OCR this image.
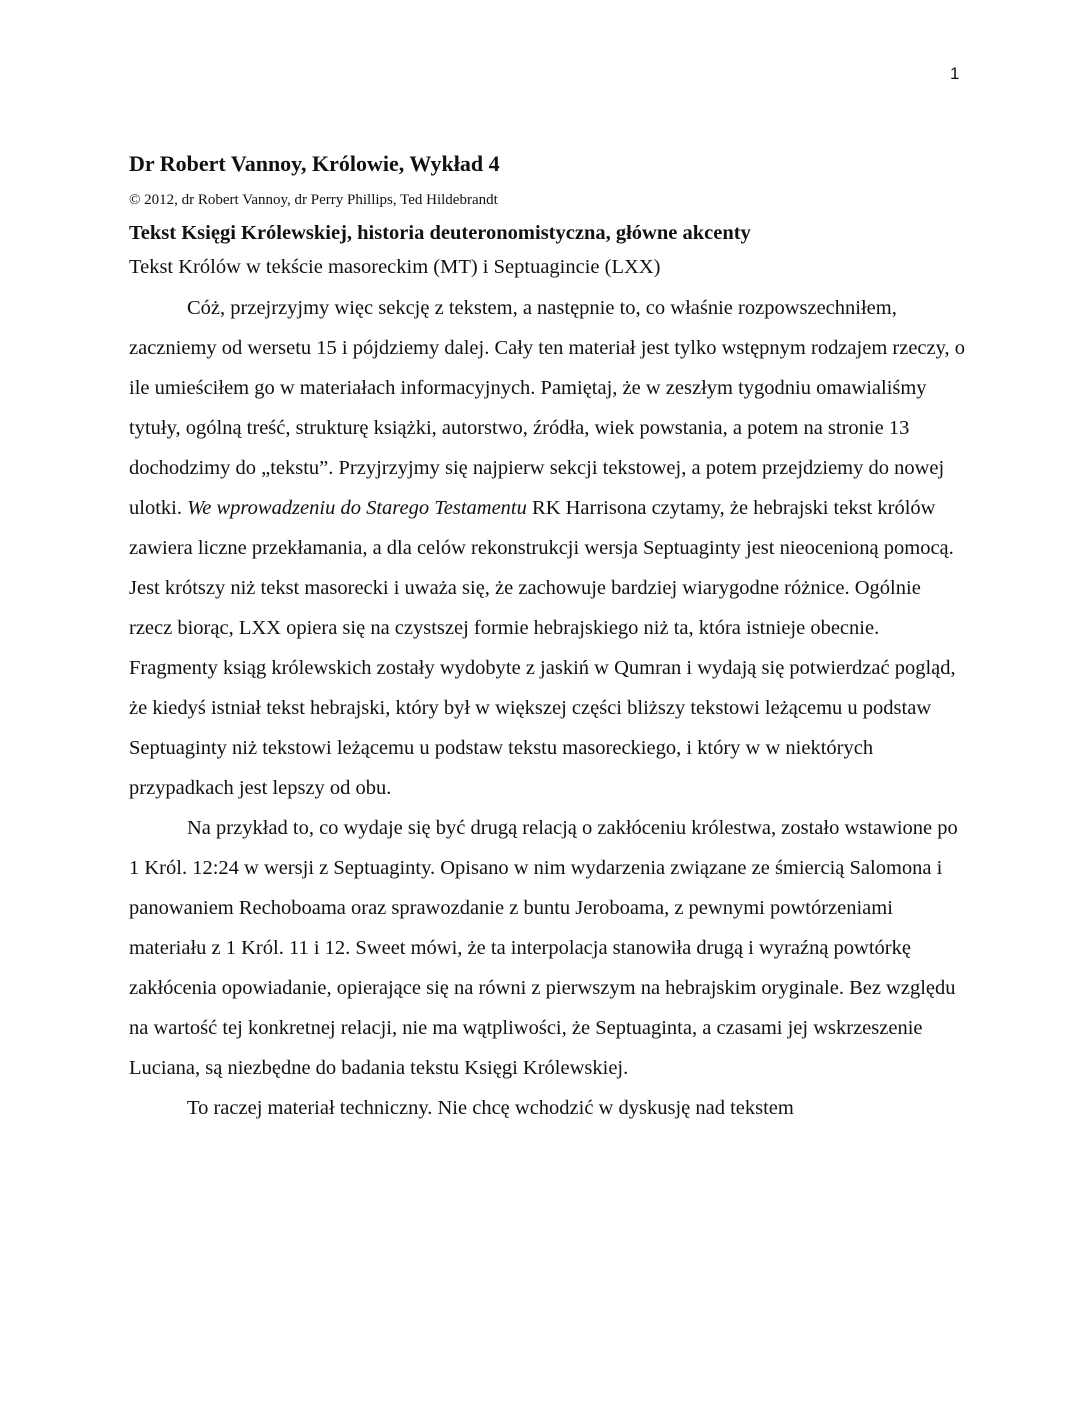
1
Dr Robert Vannoy, Królowie, Wykład 4
© 2012, dr Robert Vannoy, dr Perry Phillips, Ted Hildebrandt
Tekst Księgi Królewskiej, historia deuteronomistyczna, główne akcenty
Tekst Królów w tekście masoreckim (MT) i Septuagincie (LXX)

Cóż, przejrzyjmy więc sekcję z tekstem, a następnie to, co właśnie rozpowszechniłem, zaczniemy od wersetu 15 i pójdziemy dalej. Cały ten materiał jest tylko wstępnym rodzajem rzeczy, o ile umieściłem go w materiałach informacyjnych. Pamiętaj, że w zeszłym tygodniu omawialiśmy tytuły, ogólną treść, strukturę książki, autorstwo, źródła, wiek powstania, a potem na stronie 13 dochodzimy do „tekstu”. Przyjrzyjmy się najpierw sekcji tekstowej, a potem przejdziemy do nowej ulotki. We wprowadzeniu do Starego Testamentu RK Harrisona czytamy, że hebrajski tekst królów zawiera liczne przekłamania, a dla celów rekonstrukcji wersja Septuaginty jest nieocenioną pomocą. Jest krótszy niż tekst masorecki i uważa się, że zachowuje bardziej wiarygodne różnice. Ogólnie rzecz biorąc, LXX opiera się na czystszej formie hebrajskiego niż ta, która istnieje obecnie. Fragmenty ksiąg królewskich zostały wydobyte z jaskiń w Qumran i wydają się potwierdzać pogląd, że kiedyś istniał tekst hebrajski, który był w większej części bliższy tekstowi leżącemu u podstaw Septuaginty niż tekstowi leżącemu u podstaw tekstu masoreckiego, i który w w niektórych przypadkach jest lepszy od obu.

Na przykład to, co wydaje się być drugą relacją o zakłóceniu królestwa, zostało wstawione po 1 Król. 12:24 w wersji z Septuaginty. Opisano w nim wydarzenia związane ze śmiercią Salomona i panowaniem Rechoboama oraz sprawozdanie z buntu Jeroboama, z pewnymi powtórzeniami materiału z 1 Król. 11 i 12. Sweet mówi, że ta interpolacja stanowiła drugą i wyraźną powtórkę zakłócenia opowiadanie, opierające się na równi z pierwszym na hebrajskim oryginale. Bez względu na wartość tej konkretnej relacji, nie ma wątpliwości, że Septuaginta, a czasami jej wskrzeszenie Luciana, są niezbędne do badania tekstu Księgi Królewskiej.

To raczej materiał techniczny. Nie chcę wchodzić w dyskusję nad tekstem
